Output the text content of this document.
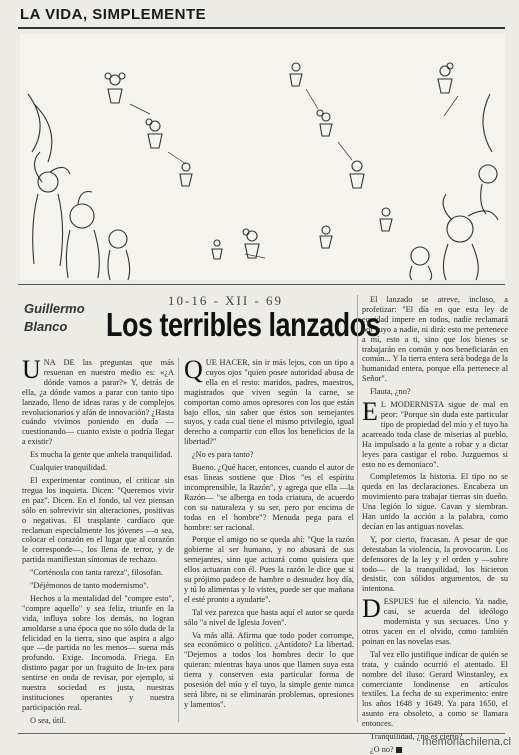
LA VIDA, SIMPLEMENTE
Guillermo Blanco
10-16 - XII - 69
Los terribles lanzados

UNA DE las preguntas que más resuenan en nuestro medio es: «¿A dónde vamos a parar?» Y, detrás de ella, ¿a dónde vamos a parar con tanto tipo lanzado, lleno de ideas raras y de complejos revolucionarios y afán de innovación? ¿Hasta cuándo vivimos poniendo en duda —cuestionando— cuanto existe o podría llegar a existir?

Es mucha la gente que anhela tranquilidad.

Cualquier tranquilidad.

El experimentar continuo, el criticar sin tregua los inquieta. Dicen: "Queremos vivir en paz". Dicen. En el fondo, tal vez piensan sólo en sobrevivir sin alteraciones, positivas o negativas. El trasplante cardíaco que reclaman especialmente los jóvenes —o sea, colocar el corazón en el lugar que al corazón le corresponde—, los llena de terror, y de partida manifiestan síntomas de rechazo.

"Corténosla con tanta rareza", filosofan.

"Déjémonos de tanto modernismo".

Hechos a la mentalidad del "compre esto", "compre aquello" y sea feliz, triunfe en la vida, influya sobre los demás, no logran amoldarse a una época que no sólo duda de la felicidad en la tierra, sino que aspira a algo que —de partida no les menos— suena más profundo. Exige. Incomoda. Friega. En distinto pagar por un fraguito de In-tex para sentirse en onda de revisar, por ejemplo, si nuestra sociedad es justa, nuestras instituciones operantes y nuestra participación real.

O sea, útil.

QUE HACER, sin ir más lejos, con un tipo a cuyos ojos "quien posee autoridad abusa de ella en el resto: maridos, padres, maestros, magistrados que viven según la carne, se comportan como amos opresores con los que están bajo ellos, sin saber que éstos son semejantes suyos, y cada cual tiene el mismo privilegio, igual derecho a compartir con ellos los beneficios de la libertad?"

¿No es para tanto?

Bueno. ¿Qué hacer, entonces, cuando el autor de esas líneas sostiene que Dios "es el espíritu incomprensible, la Razón", y agrega que ella —la Razón— "se alberga en toda criatura, de acuerdo con su naturaleza y su ser, pero por encima de todas en el hombre"? Menuda pega para el hombre: ser racional.

Porque el amigo no se queda ahí: "Que la razón gobierne al ser humano, y no abusará de sus semejantes, sino que actuará como quisiera que ellos actuaran con él. Pues la razón le dice que si su prójimo padece de hambre o desnudez hoy día, y tú lo alimentas y lo vistes, puede ser que mañana el esté pronto a ayudarte".

Tal vez parezca que hasta aquí el autor se queda sólo "a nivel de Iglesia Joven".

Va más allá. Afirma que todo poder corrompe, sea económico o político. ¿Antídoto? La libertad. "Dejemos a todos los hombres decir lo que quieran: mientras haya unos que llamen suya esta tierra y conserven esta particular forma de posesión del mío y el tuyo, la simple gente nunca será libre, ni se eliminarán problemas, opresiones y lamentos".

El lanzado se atreve, incluso, a profetizar: "El día en que esta ley de equidad impere en todos, nadie reclamará por suyo a nadie, ni dirá: esto me pertenece a mí, esto a ti, sino que los bienes se trabajarán en común y nos beneficiarán en común... Y la tierra entera será bodega de la humanidad entera, porque ella pertenece al Señor".

Flauta, ¿no?

E L MODERNISTA sigue de mal en peor: "Porque sin duda este particular tipo de propiedad del mío y el tuyo ha acarreado toda clase de miserias al pueblo. Ha impulsado a la gente a robar y a dictar leyes para castigar el robo. Juzguemos si esto no es demoníaco".

Completemos la historia. El tipo no se queda en las declaraciones. Encabeza un movimiento para trabajar tierras sin dueño. Una legión lo sigue. Cavan y siembran. Han unido la acción a la palabra, como decían en las antiguas novelas.

Y, por cierto, fracasan. A pesar de que detestaban la violencia, la provocaron. Los defensores de la ley y el orden y —sobre todo— de la tranquilidad, los hicieron desistir, con sólidos argumentos, de su intentona.

DESPUES fue el silencio. Ya nadie, casi, se acuerda del ideólogo modernista y sus secuaces. Uno y otros yacen en el olvido, como también poinan en las novelas esas.

Tal vez ello justifique indicar de quién se trata, y cuándo ocurrió el atentado. El nombre del iluso: Gerard Winstanley, ex comerciante londinense en artículos textiles. La fecha de su experimento: entre los años 1648 y 1649. Ya para 1650, el asunto era obsoleto, a como se llamara entonces.

Tranquilidad, ¿no es cierto?

¿O no?

memoriachilena.cl
